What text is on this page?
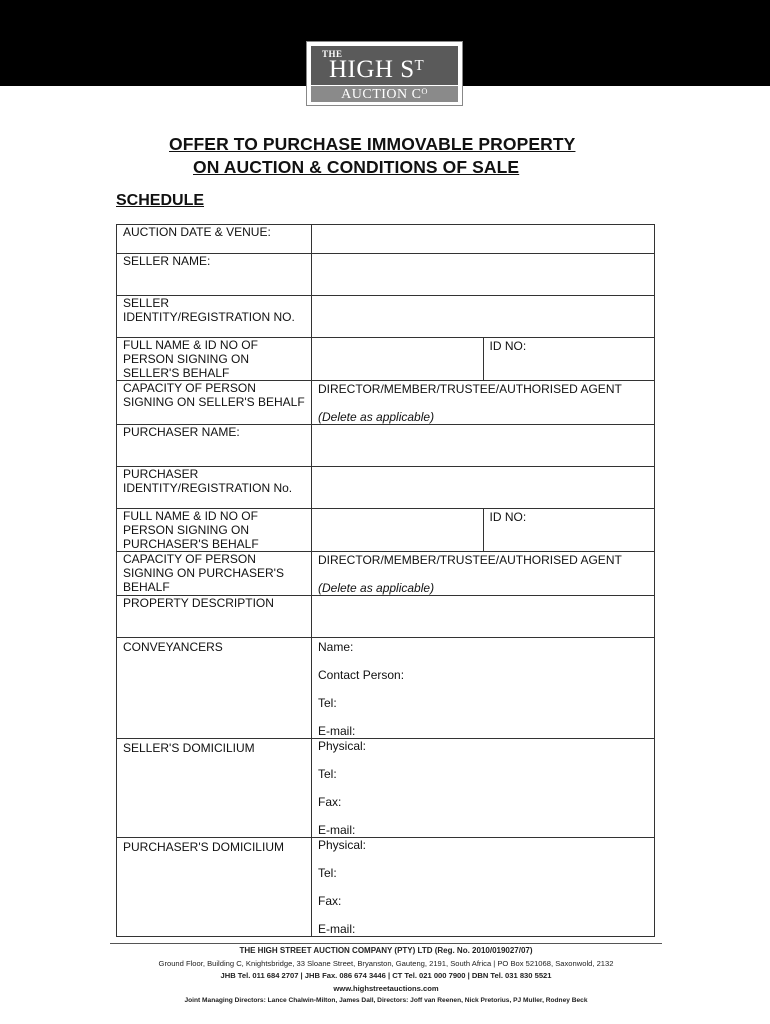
THE
HIGH Sᵀ
AUCTION Cᴼ
OFFER TO PURCHASE IMMOVABLE PROPERTY
ON AUCTION & CONDITIONS OF SALE
SCHEDULE
AUCTION DATE & VENUE:		
SELLER NAME:		
SELLER IDENTITY/REGISTRATION NO.		
FULL NAME & ID NO OF PERSON SIGNING ON SELLER'S BEHALF		ID NO:
CAPACITY OF PERSON SIGNING ON SELLER'S BEHALF	DIRECTOR/MEMBER/TRUSTEE/AUTHORISED AGENT
(Delete as applicable)	

PURCHASER NAME:		
PURCHASER IDENTITY/REGISTRATION No.		
FULL NAME & ID NO OF PERSON SIGNING ON PURCHASER'S BEHALF		ID NO:
CAPACITY OF PERSON SIGNING ON PURCHASER'S BEHALF	DIRECTOR/MEMBER/TRUSTEE/AUTHORISED AGENT
(Delete as applicable)	

PROPERTY DESCRIPTION		
CONVEYANCERS	Name:
Contact Person:
Tel:
E-mail:	

SELLER'S DOMICILIUM	Physical:
Tel:
Fax:
E-mail:	

PURCHASER'S DOMICILIUM	Physical:
Tel:
Fax:
E-mail:	
THE HIGH STREET AUCTION COMPANY (PTY) LTD (Reg. No. 2010/019027/07)
Ground Floor, Building C, Knightsbridge, 33 Sloane Street, Bryanston, Gauteng, 2191, South Africa | PO Box 521068, Saxonwold, 2132
JHB Tel. 011 684 2707 | JHB Fax. 086 674 3446 | CT Tel. 021 000 7900 | DBN Tel. 031 830 5521
www.highstreetauctions.com
Joint Managing Directors: Lance Chalwin-Milton, James Dall, Directors: Joff van Reenen, Nick Pretorius, PJ Muller, Rodney Beck
